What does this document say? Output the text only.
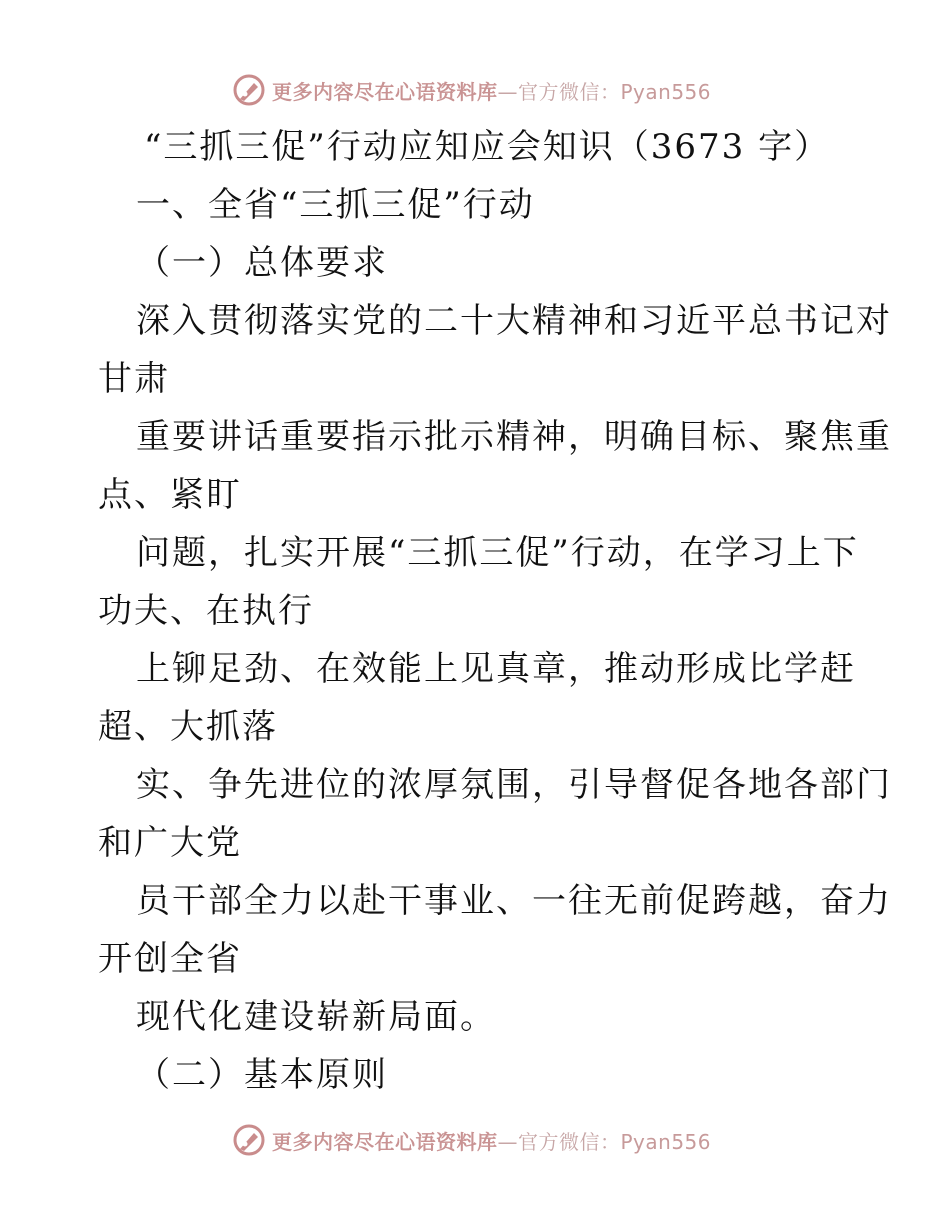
更多内容尽在心语资料库—官方微信：Pyan556
“三抓三促”行动应知应会知识（3673 字）
一、全省“三抓三促”行动
（一）总体要求
深入贯彻落实党的二十大精神和习近平总书记对
甘肃
重要讲话重要指示批示精神，明确目标、聚焦重
点、紧盯
问题，扎实开展“三抓三促”行动，在学习上下
功夫、在执行
上铆足劲、在效能上见真章，推动形成比学赶
超、大抓落
实、争先进位的浓厚氛围，引导督促各地各部门
和广大党
员干部全力以赴干事业、一往无前促跨越，奋力
开创全省
现代化建设崭新局面。
（二）基本原则
更多内容尽在心语资料库—官方微信：Pyan556
